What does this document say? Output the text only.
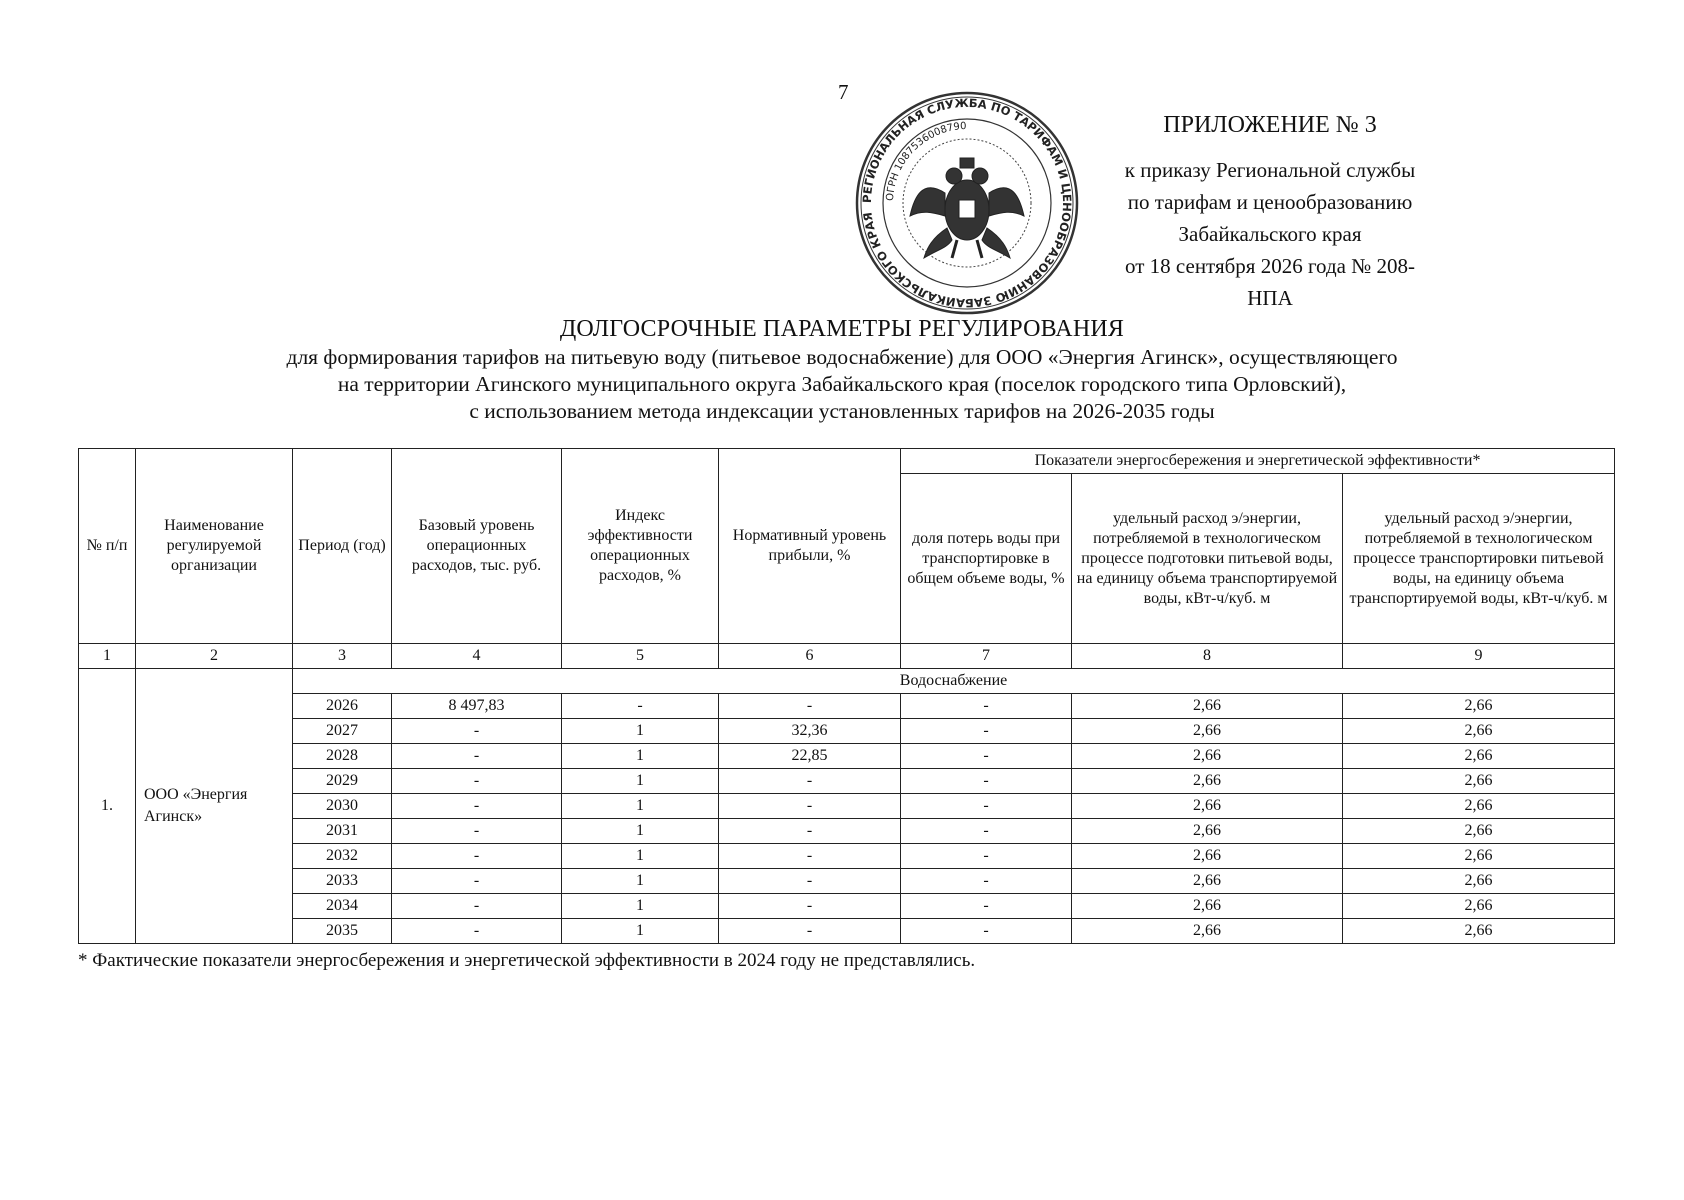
7
РЕГИОНАЛЬНАЯ СЛУЖБА ПО ТАРИФАМ И ЦЕНООБРАЗОВАНИЮ ЗАБАЙКАЛЬСКОГО КРАЯ
ОГРН 1087536008790	ПРИЛОЖЕНИЕ № 3
к приказу Региональной службы
по тарифам и ценообразованию
Забайкальского края
от 18 сентября 2026 года № 208-НПА
ДОЛГОСРОЧНЫЕ ПАРАМЕТРЫ РЕГУЛИРОВАНИЯ
для формирования тарифов на питьевую воду (питьевое водоснабжение) для ООО «Энергия Агинск», осуществляющего
на территории Агинского муниципального округа Забайкальского края (поселок городского типа Орловский),
с использованием метода индексации установленных тарифов на 2026-2035 годы
№ п/п	Наименование регулируемой организации	Период (год)	Базовый уровень операционных расходов, тыс. руб.	Индекс эффективности операционных расходов, %	Нормативный уровень прибыли, %	Показатели энергосбережения и энергетической эффективности*		
						доля потерь воды при транспортировке в общем объеме воды, %	удельный расход э/энергии, потребляемой в технологическом процессе подготовки питьевой воды, на единицу объема транспортируемой воды, кВт-ч/куб. м	удельный расход э/энергии, потребляемой в технологическом процессе транспортировки питьевой воды, на единицу объема транспортируемой воды, кВт-ч/куб. м
1	2	3	4	5	6	7	8	9
1.	ООО «Энергия Агинск»	Водоснабжение						
		2026	8 497,83	-	-	-	2,66	2,66
		2027	-	1	32,36	-	2,66	2,66
		2028	-	1	22,85	-	2,66	2,66
		2029	-	1	-	-	2,66	2,66
		2030	-	1	-	-	2,66	2,66
		2031	-	1	-	-	2,66	2,66
		2032	-	1	-	-	2,66	2,66
		2033	-	1	-	-	2,66	2,66
		2034	-	1	-	-	2,66	2,66
		2035	-	1	-	-	2,66	2,66
* Фактические показатели энергосбережения и энергетической эффективности в 2024 году не представлялись.
